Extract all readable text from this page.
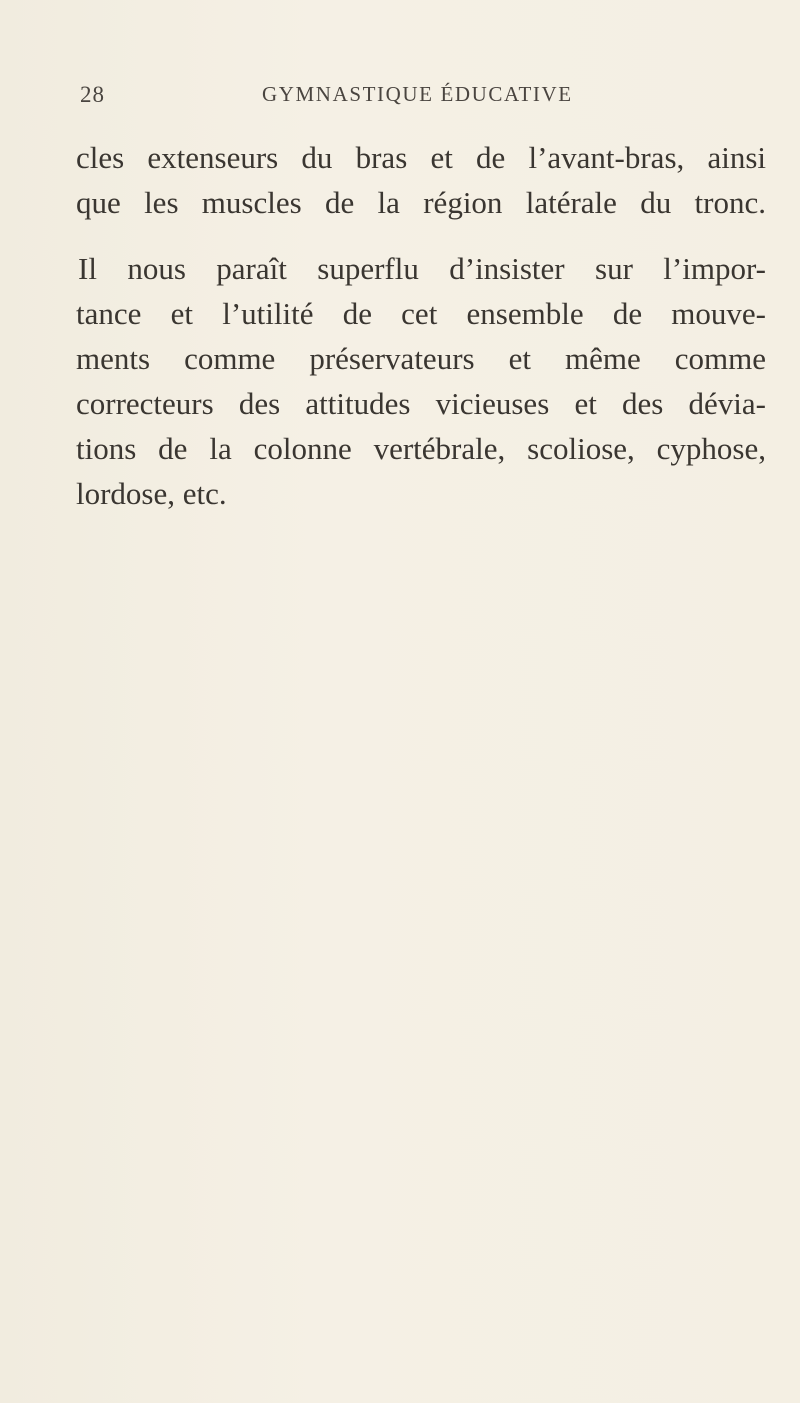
28	GYMNASTIQUE ÉDUCATIVE
cles extenseurs du bras et de l’avant-bras, ainsi
que les muscles de la région latérale du tronc.
Il nous paraît superflu d’insister sur l’impor-
tance et l’utilité de cet ensemble de mouve-
ments comme préservateurs et même comme
correcteurs des attitudes vicieuses et des dévia-
tions de la colonne vertébrale, scoliose, cyphose,
lordose, etc.
